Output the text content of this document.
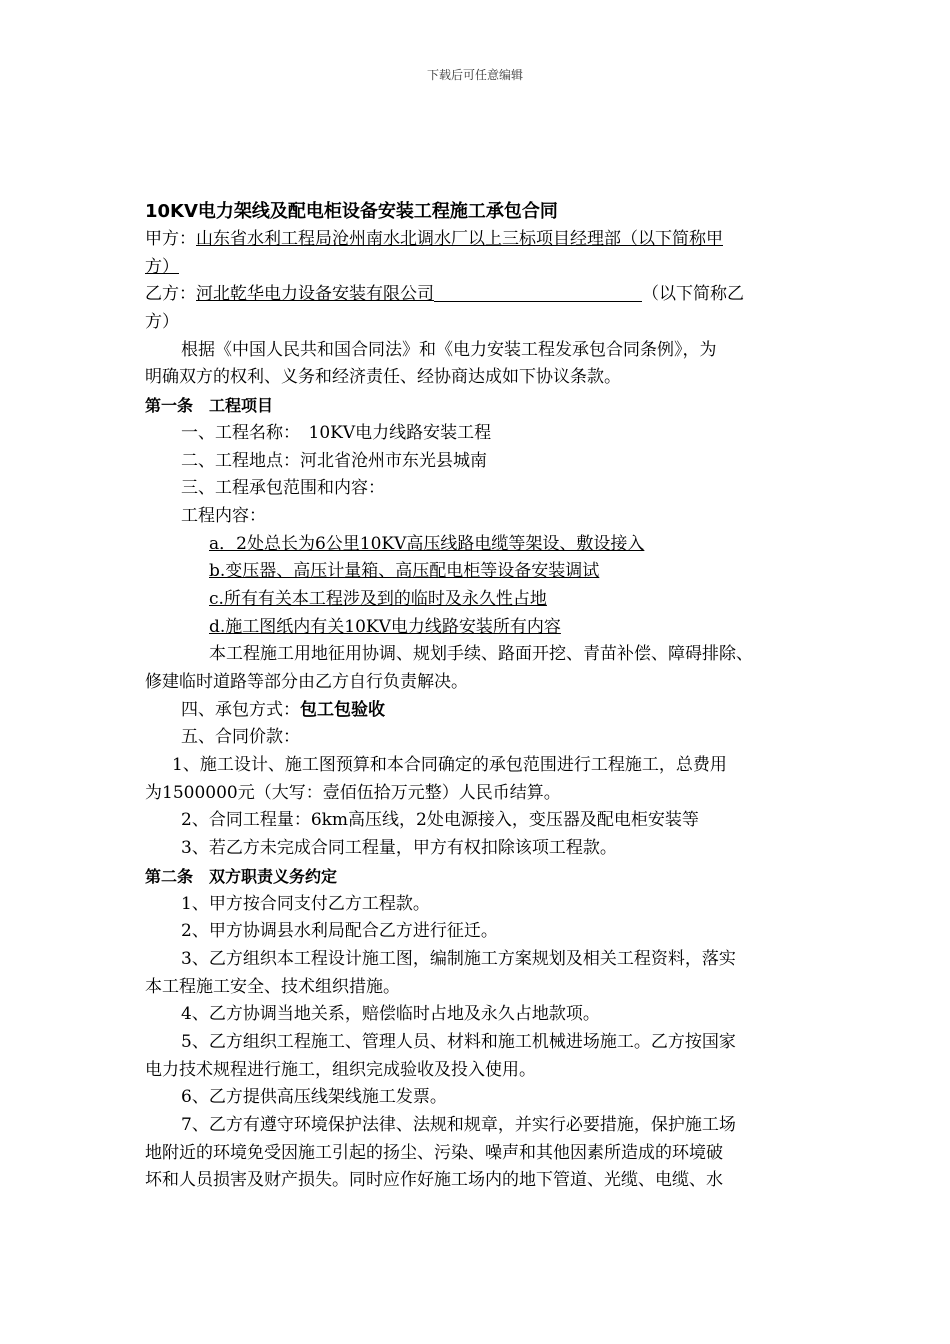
下载后可任意编辑
10KV电力架线及配电柜设备安装工程施工承包合同
甲方：山东省水利工程局沧州南水北调水厂以上三标项目经理部（以下简称甲
方）
乙方：河北乾华电力设备安装有限公司	（以下简称乙
方）
根据《中国人民共和国合同法》和《电力安装工程发承包合同条例》，为
明确双方的权利、义务和经济责任、经协商达成如下协议条款。
第一条　工程项目
一、工程名称：　10KV电力线路安装工程
二、工程地点：河北省沧州市东光县城南
三、工程承包范围和内容：
工程内容：
a．2处总长为6公里10KV高压线路电缆等架设、敷设接入
b.变压器、高压计量箱、高压配电柜等设备安装调试
c.所有有关本工程涉及到的临时及永久性占地
d.施工图纸内有关10KV电力线路安装所有内容
本工程施工用地征用协调、规划手续、路面开挖、青苗补偿、障碍排除、
修建临时道路等部分由乙方自行负责解决。
四、承包方式：包工包验收
五、合同价款：
1、施工设计、施工图预算和本合同确定的承包范围进行工程施工，总费用
为1500000元（大写：壹佰伍拾万元整）人民币结算。
2、合同工程量：6km高压线，2处电源接入，变压器及配电柜安装等
3、若乙方未完成合同工程量，甲方有权扣除该项工程款。
第二条　双方职责义务约定
1、甲方按合同支付乙方工程款。
2、甲方协调县水利局配合乙方进行征迁。
3、乙方组织本工程设计施工图，编制施工方案规划及相关工程资料，落实
本工程施工安全、技术组织措施。
4、乙方协调当地关系，赔偿临时占地及永久占地款项。
5、乙方组织工程施工、管理人员、材料和施工机械进场施工。乙方按国家
电力技术规程进行施工，组织完成验收及投入使用。
6、乙方提供高压线架线施工发票。
7、乙方有遵守环境保护法律、法规和规章，并实行必要措施，保护施工场
地附近的环境免受因施工引起的扬尘、污染、噪声和其他因素所造成的环境破
坏和人员损害及财产损失。同时应作好施工场内的地下管道、光缆、电缆、水
